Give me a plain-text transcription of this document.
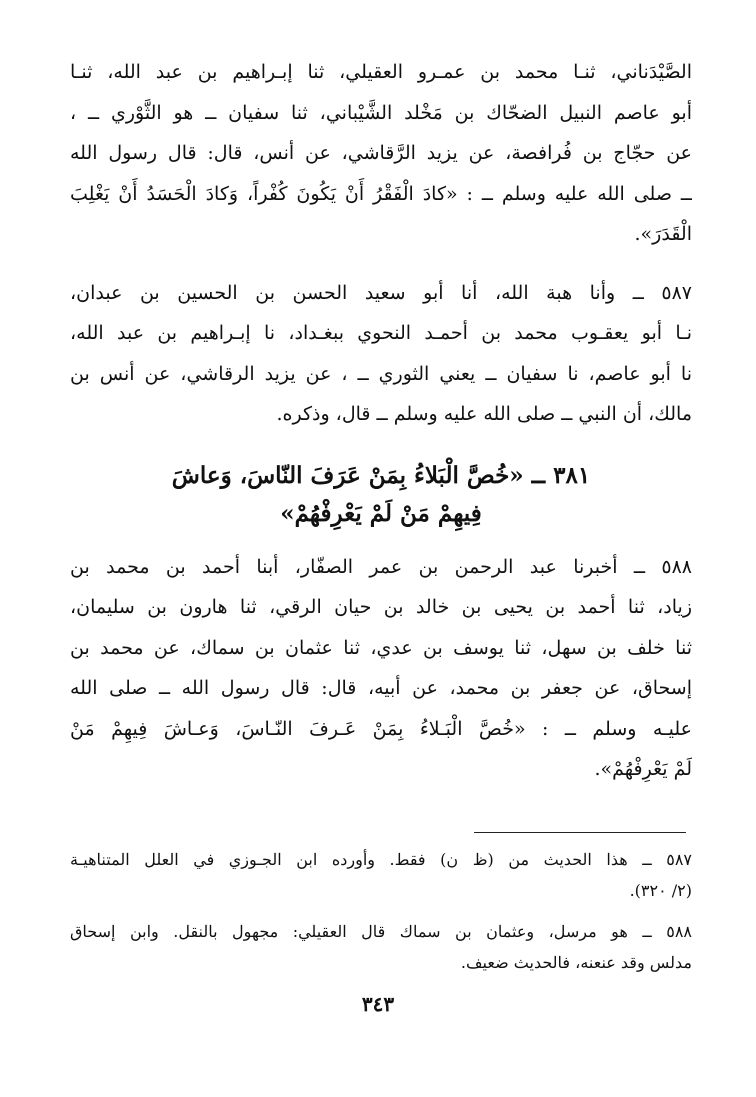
الصَّيْدَناني، ثنـا محمد بن عمـرو العقيلي، ثنا إبـراهيم بن عبد الله، ثنـا
أبو عاصم النبيل الضحّاك بن مَخْلد الشَّيْباني، ثنا سفيان ــ هو الثَّوْري ــ ،
عن حجّاج بن فُرافصة، عن يزيد الرَّقاشي، عن أنس، قال: قال رسول الله
ــ صلى الله عليه وسلم ــ : «كادَ الْفَقْرُ أَنْ يَكُونَ كُفْراً، وَكادَ الْحَسَدُ أَنْ يَغْلِبَ
الْقَدَرَ».

٥٨٧ ــ وأنا هبة الله، أنا أبو سعيد الحسن بن الحسين بن عبدان،
نـا أبو يعقـوب محمد بن أحمـد النحوي ببغـداد، نا إبـراهيم بن عبد الله،
نا أبو عاصم، نا سفيان ــ يعني الثوري ــ ، عن يزيد الرقاشي، عن أنس بن
مالك، أن النبي ــ صلى الله عليه وسلم ــ قال، وذكره.

٣٨١ ــ «خُصَّ الْبَلاءُ بِمَنْ عَرَفَ النّاسَ، وَعاشَ
فِيهِمْ مَنْ لَمْ يَعْرِفْهُمْ»

٥٨٨ ــ أخبرنا عبد الرحمن بن عمر الصفّار، أبنا أحمد بن محمد بن
زياد، ثنا أحمد بن يحيى بن خالد بن حيان الرقي، ثنا هارون بن سليمان،
ثنا خلف بن سهل، ثنا يوسف بن عدي، ثنا عثمان بن سماك، عن محمد بن
إسحاق، عن جعفر بن محمد، عن أبيه، قال: قال رسول الله ــ صلى الله
عليـه وسلم ــ : «خُصَّ الْبَـلاءُ بِمَنْ عَـرفَ النّـاسَ، وَعـاشَ فِيهِمْ مَنْ
لَمْ يَعْرِفْهُمْ».

٥٨٧ ــ هذا الحديث من (ظ ن) فقط. وأورده ابن الجـوزي في العلل المتناهيـة
(٢/ ٣٢٠).

٥٨٨ ــ هو مرسل، وعثمان بن سماك قال العقيلي: مجهول بالنقل. وابن إسحاق
مدلس وقد عنعنه، فالحديث ضعيف.

٣٤٣
